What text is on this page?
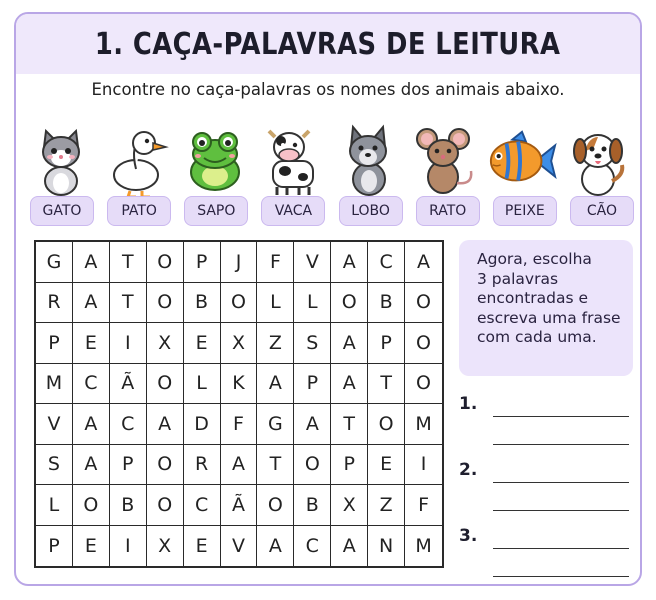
1. CAÇA-PALAVRAS DE LEITURA
Encontre no caça-palavras os nomes dos animais abaixo.
GATO	PATO	SAPO	VACA	LOBO	RATO	PEIXE	CÃO
G	A	T	O	P	J	F	V	A	C	A
R	A	T	O	B	O	L	L	O	B	O
P	E	I	X	E	X	Z	S	A	P	O
M	C	Ã	O	L	K	A	P	A	T	O
V	A	C	A	D	F	G	A	T	O	M
S	A	P	O	R	A	T	O	P	E	I
L	O	B	O	C	Ã	O	B	X	Z	F
P	E	I	X	E	V	A	C	A	N	M
Agora, escolha
3 palavras
encontradas e
escreva uma frase
com cada uma.
1.
2.
3.
